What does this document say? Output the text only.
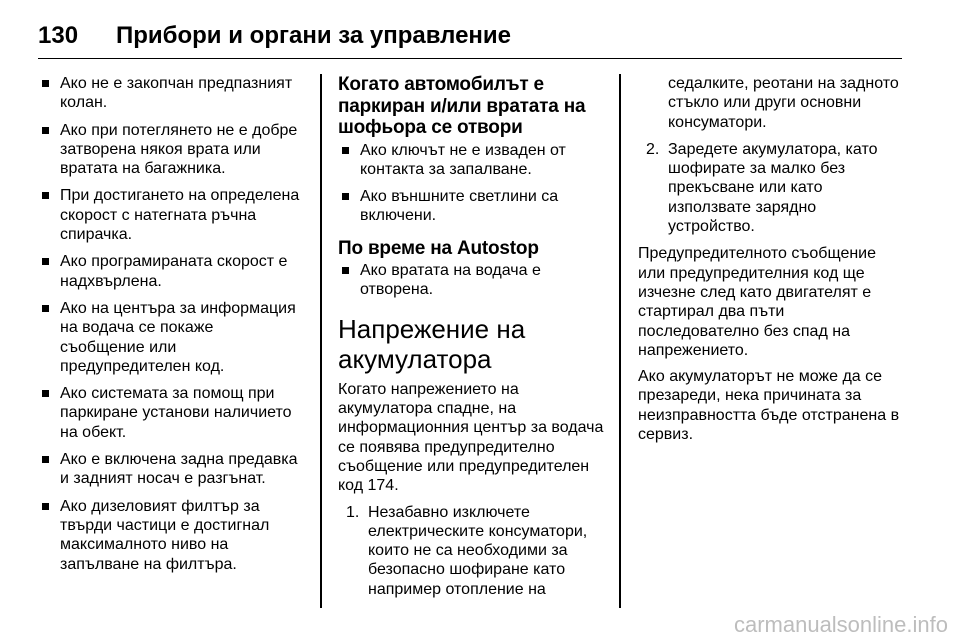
130	Прибори и органи за управление
Ако не е закопчан предпазният колан.
Ако при потеглянето не е добре затворена някоя врата или вратата на багажника.
При достигането на определена скорост с натегната ръчна спирачка.
Ако програмираната скорост е надхвърлена.
Ако на центъра за информация на водача се покаже съобщение или предупредителен код.
Ако системата за помощ при паркиране установи наличието на обект.
Ако е включена задна предавка и задният носач е разгънат.
Ако дизеловият филтър за твърди частици е достигнал максималното ниво на запълване на филтъра.
Когато автомобилът е паркиран и/или вратата на шофьора се отвори
Ако ключът не е изваден от контакта за запалване.
Ако външните светлини са включени.
По време на Autostop
Ако вратата на водача е отворена.
Напрежение на акумулатора

Когато напрежението на акумулатора спадне, на информационния център за водача се появява предупредително съобщение или предупредителен код 174.

1. Незабавно изключете електрическите консуматори, които не са необходими за безопасно шофиране като например отопление на
седалките, реотани на задното стъкло или други основни консуматори.
2. Заредете акумулатора, като шофирате за малко без прекъсване или като използвате зарядно устройство.

Предупредителното съобщение или предупредителния код ще изчезне след като двигателят е стартирал два пъти последователно без спад на напрежението.

Ако акумулаторът не може да се презареди, нека причината за неизправността бъде отстранена в сервиз.

carmanualsonline.info
